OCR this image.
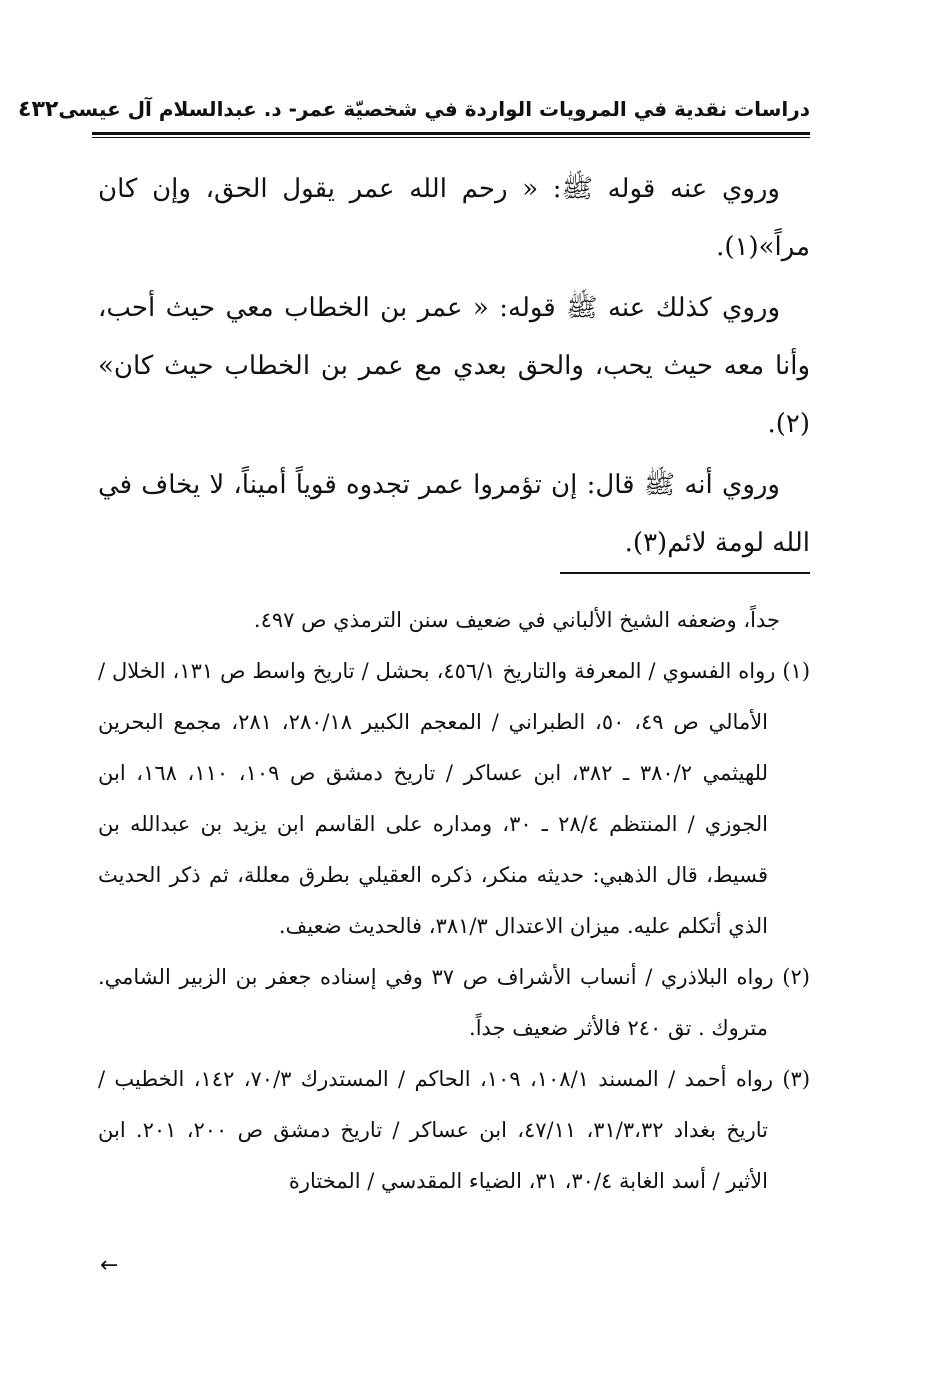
دراسات نقدية في المرويات الواردة في شخصيّة عمر- د. عبدالسلام آل عيسى
٤٣٢

وروي عنه قوله ﷺ: « رحم الله عمر يقول الحق، وإن كان مراً»(١).

وروي كذلك عنه ﷺ قوله: « عمر بن الخطاب معي حيث أحب، وأنا معه حيث يحب، والحق بعدي مع عمر بن الخطاب حيث كان» (٢).

وروي أنه ﷺ قال: إن تؤمروا عمر تجدوه قوياً أميناً، لا يخاف في الله لومة لائم(٣).

جداً، وضعفه الشيخ الألباني في ضعيف سنن الترمذي ص ٤٩٧.

(١) رواه الفسوي / المعرفة والتاريخ ٤٥٦/١، بحشل / تاريخ واسط ص ١٣١، الخلال / الأمالي ص ٤٩، ٥٠، الطبراني / المعجم الكبير ٢٨٠/١٨، ٢٨١، مجمع البحرين للهيثمي ٣٨٠/٢ ـ ٣٨٢، ابن عساكر / تاريخ دمشق ص ١٠٩، ١١٠، ١٦٨، ابن الجوزي / المنتظم ٢٨/٤ ـ ٣٠، ومداره على القاسم ابن يزيد بن عبدالله بن قسيط، قال الذهبي: حديثه منكر، ذكره العقيلي بطرق معللة، ثم ذكر الحديث الذي أتكلم عليه. ميزان الاعتدال ٣٨١/٣، فالحديث ضعيف.

(٢) رواه البلاذري / أنساب الأشراف ص ٣٧ وفي إسناده جعفر بن الزبير الشامي. متروك . تق ٢٤٠ فالأثر ضعيف جداً.

(٣) رواه أحمد / المسند ١٠٨/١، ١٠٩، الحاكم / المستدرك ٧٠/٣، ١٤٢، الخطيب / تاريخ بغداد ٣١/٣،٣٢، ٤٧/١١، ابن عساكر / تاريخ دمشق ص ٢٠٠، ٢٠١. ابن الأثير / أسد الغابة ٣٠/٤، ٣١، الضياء المقدسي / المختارة

←
